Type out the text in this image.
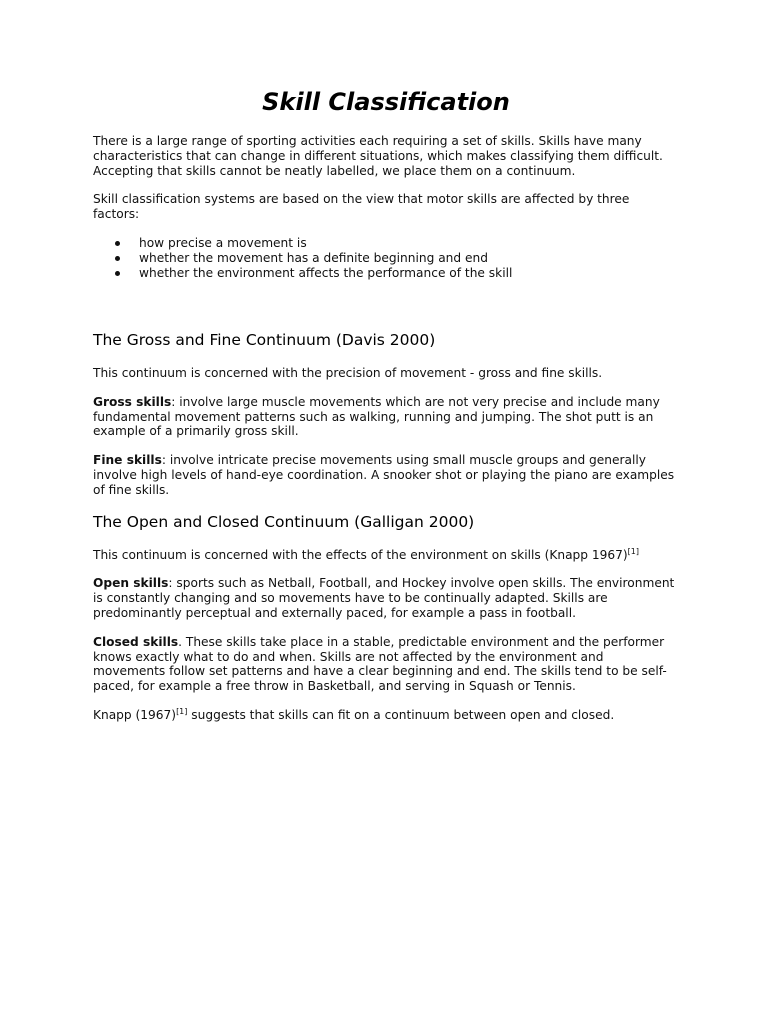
Skill Classification

There is a large range of sporting activities each requiring a set of skills. Skills have many characteristics that can change in different situations, which makes classifying them difficult. Accepting that skills cannot be neatly labelled, we place them on a continuum.

Skill classification systems are based on the view that motor skills are affected by three factors:

how precise a movement is
whether the movement has a definite beginning and end
whether the environment affects the performance of the skill
The Gross and Fine Continuum (Davis 2000)

This continuum is concerned with the precision of movement - gross and fine skills.

Gross skills: involve large muscle movements which are not very precise and include many fundamental movement patterns such as walking, running and jumping. The shot putt is an example of a primarily gross skill.

Fine skills: involve intricate precise movements using small muscle groups and generally involve high levels of hand-eye coordination. A snooker shot or playing the piano are examples of fine skills.

The Open and Closed Continuum (Galligan 2000)

This continuum is concerned with the effects of the environment on skills (Knapp 1967)[1]

Open skills: sports such as Netball, Football, and Hockey involve open skills. The environment is constantly changing and so movements have to be continually adapted. Skills are predominantly perceptual and externally paced, for example a pass in football.

Closed skills. These skills take place in a stable, predictable environment and the performer knows exactly what to do and when. Skills are not affected by the environment and movements follow set patterns and have a clear beginning and end. The skills tend to be self-paced, for example a free throw in Basketball, and serving in Squash or Tennis.

Knapp (1967)[1] suggests that skills can fit on a continuum between open and closed.
